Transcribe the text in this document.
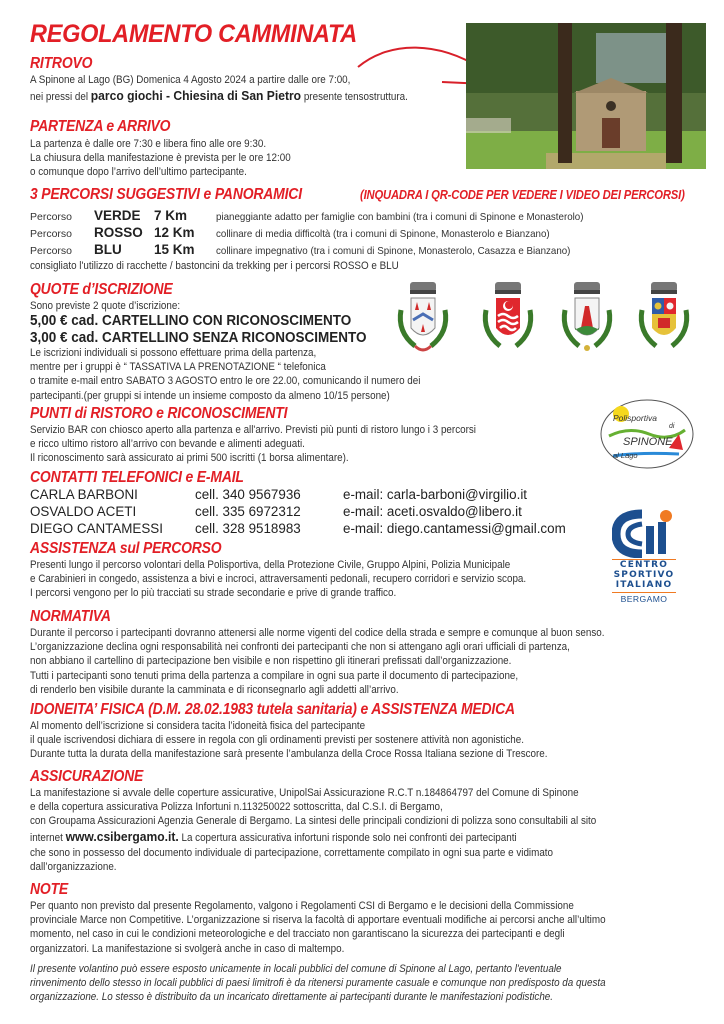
REGOLAMENTO CAMMINATA
RITROVO

A Spinone al Lago (BG) Domenica 4 Agosto 2024 a partire dalle ore 7:00,

nei pressi del parco giochi - Chiesina di San Pietro presente tensostruttura.

PARTENZA e ARRIVO

La partenza è dalle ore 7:30 e libera fino alle ore 9:30.

La chiusura della manifestazione è prevista per le ore 12:00

o comunque dopo l’arrivo dell’ultimo partecipante.

3 PERCORSI SUGGESTIVI e PANORAMICI	(INQUADRA I QR-CODE PER VEDERE I VIDEO DEI PERCORSI)
Percorso VERDE 7 Km	pianeggiante adatto per famiglie con bambini (tra i comuni di Spinone e Monasterolo)
Percorso ROSSO 12 Km collinare di media difficoltà (tra i comuni di Spinone, Monasterolo e Bianzano)
Percorso BLU 15 Km collinare impegnativo (tra i comuni di Spinone, Monasterolo, Casazza e Bianzano)
consigliato l'utilizzo di racchette / bastoncini da trekking per i percorsi ROSSO e BLU
QUOTE d’ISCRIZIONE
Sono previste 2 quote d’iscrizione:
5,00 € cad. CARTELLINO CON RICONOSCIMENTO
3,00 € cad. CARTELLINO SENZA RICONOSCIMENTO

Le iscrizioni individuali si possono effettuare prima della partenza,

mentre per i gruppi è “ TASSATIVA LA PRENOTAZIONE “ telefonica

o tramite e-mail entro SABATO 3 AGOSTO entro le ore 22.00, comunicando il numero dei

partecipanti.(per gruppi si intende un insieme composto da almeno 10/15 persone)

PUNTI di RISTORO e RICONOSCIMENTI

Servizio BAR con chiosco aperto alla partenza e all'arrivo. Previsti più punti di ristoro lungo i 3 percorsi

e ricco ultimo ristoro all’arrivo con bevande e alimenti adeguati.

Il riconoscimento sarà assicurato ai primi 500 iscritti (1 borsa alimentare).

Polisportiva
di
SPINONE
al Lago
CONTATTI TELEFONICI e E-MAIL
CARLA BARBONI	cell. 340 9567936	e-mail: carla-barboni@virgilio.it
OSVALDO ACETI	cell. 335 6972312	e-mail: aceti.osvaldo@libero.it
DIEGO CANTAMESSI cell. 328 9518983	e-mail: diego.cantamessi@gmail.com
CENTRO
SPORTIVO
ITALIANO
BERGAMO
ASSISTENZA sul PERCORSO

Presenti lungo il percorso volontari della Polisportiva, della Protezione Civile, Gruppo Alpini, Polizia Municipale

e Carabinieri in congedo, assistenza a bivi e incroci, attraversamenti pedonali, recupero corridori e servizio scopa.

I percorsi vengono per lo più tracciati su strade secondarie e prive di grande traffico.

NORMATIVA

Durante il percorso i partecipanti dovranno attenersi alle norme vigenti del codice della strada e sempre e comunque al buon senso.

L’organizzazione declina ogni responsabilità nei confronti dei partecipanti che non si attengano agli orari ufficiali di partenza,

non abbiano il cartellino di partecipazione ben visibile e non rispettino gli itinerari prefissati dall’organizzazione.

Tutti i partecipanti sono tenuti prima della partenza a compilare in ogni sua parte il documento di partecipazione,

di renderlo ben visibile durante la camminata e di riconsegnarlo agli addetti all’arrivo.

IDONEITA’ FISICA (D.M. 28.02.1983 tutela sanitaria) e ASSISTENZA MEDICA

Al momento dell’iscrizione si considera tacita l’idoneità fisica del partecipante

il quale iscrivendosi dichiara di essere in regola con gli ordinamenti previsti per sostenere attività non agonistiche.

Durante tutta la durata della manifestazione sarà presente l’ambulanza della Croce Rossa Italiana sezione di Trescore.

ASSICURAZIONE

La manifestazione si avvale delle coperture assicurative, UnipolSai Assicurazione R.C.T n.184864797 del Comune di Spinone

e della copertura assicurativa Polizza Infortuni n.113250022 sottoscritta, dal C.S.I. di Bergamo,

con Groupama Assicurazioni Agenzia Generale di Bergamo. La sintesi delle principali condizioni di polizza sono consultabili al sito

internet www.csibergamo.it. La copertura assicurativa infortuni risponde solo nei confronti dei partecipanti

che sono in possesso del documento individuale di partecipazione, correttamente compilato in ogni sua parte e vidimato

dall’organizzazione.

NOTE

Per quanto non previsto dal presente Regolamento, valgono i Regolamenti CSI di Bergamo e le decisioni della Commissione

provinciale Marce non Competitive. L’organizzazione si riserva la facoltà di apportare eventuali modifiche ai percorsi anche all’ultimo

momento, nel caso in cui le condizioni meteorologiche e del tracciato non garantiscano la sicurezza dei partecipanti e degli

organizzatori. La manifestazione si svolgerà anche in caso di maltempo.

Il presente volantino può essere esposto unicamente in locali pubblici del comune di Spinone al Lago, pertanto l'eventuale

rinvenimento dello stesso in locali pubblici di paesi limitrofi è da ritenersi puramente casuale e comunque non predisposto da questa

organizzazione. Lo stesso è distribuito da un incaricato direttamente ai partecipanti durante le manifestazioni podistiche.
